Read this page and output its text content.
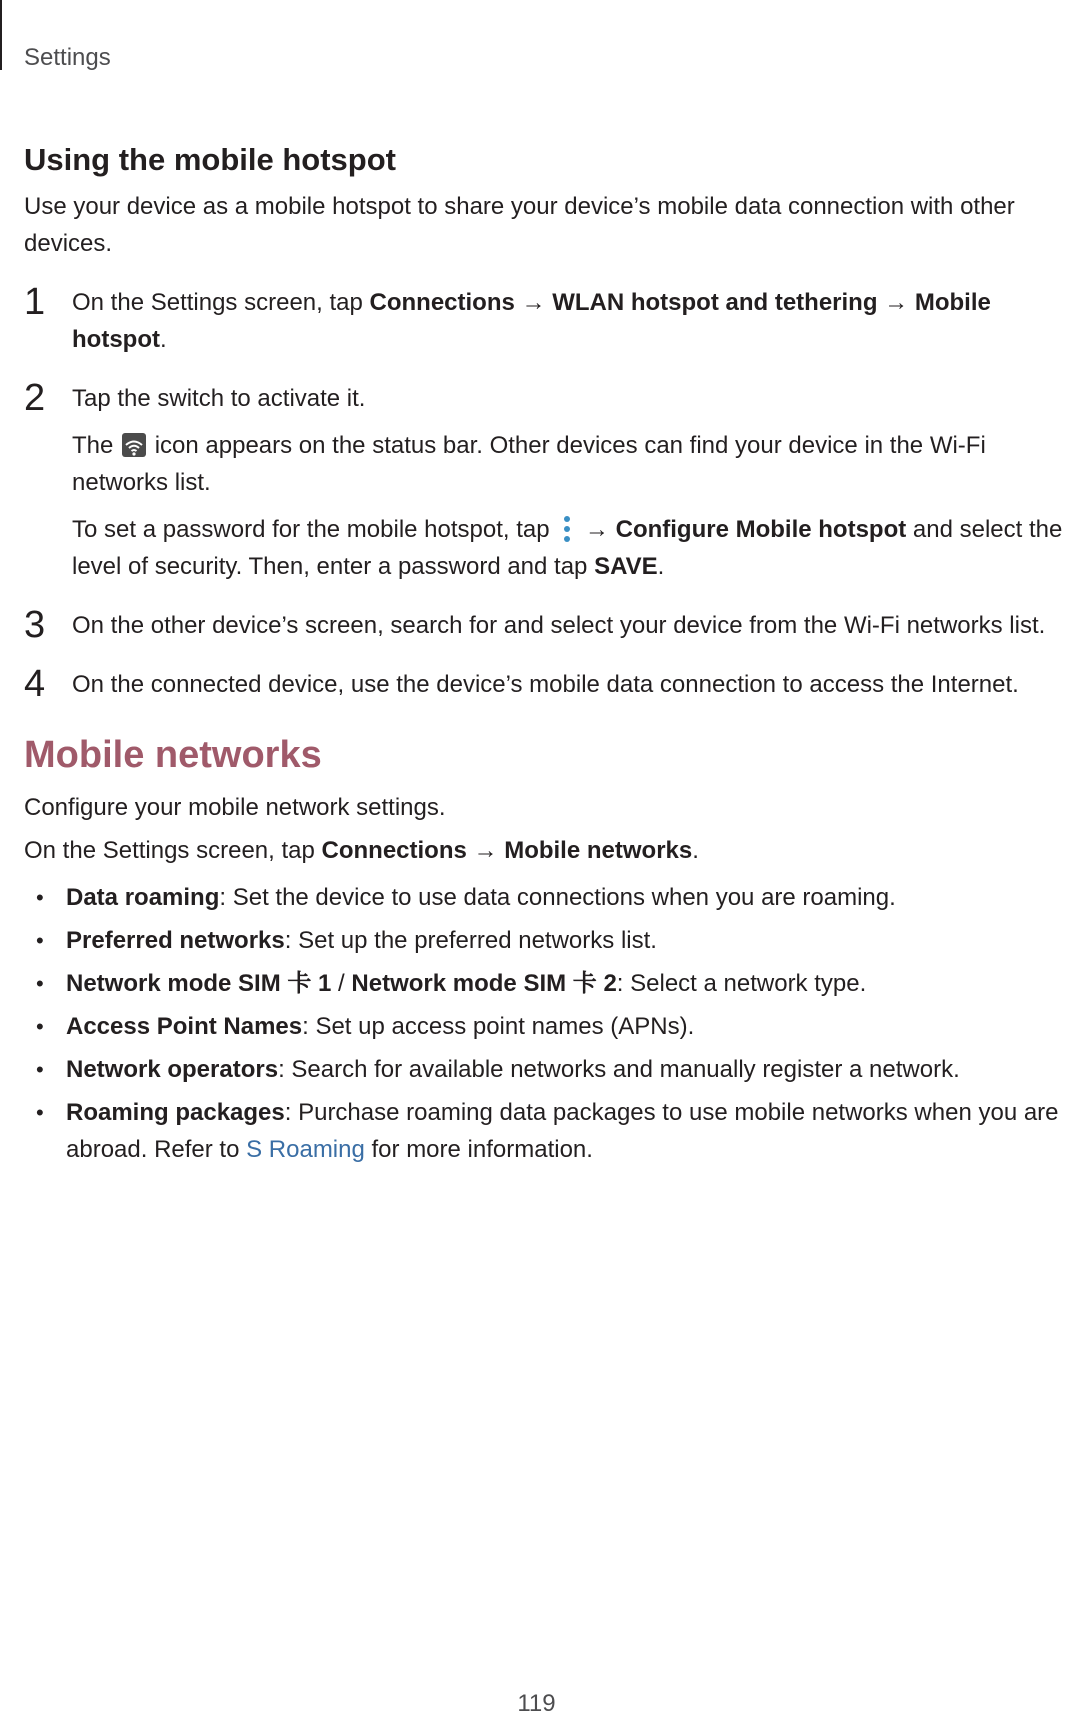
Settings
Using the mobile hotspot

Use your device as a mobile hotspot to share your device’s mobile data connection with other devices.

1 On the Settings screen, tap Connections → WLAN hotspot and tethering → Mobile hotspot.

2 Tap the switch to activate it.

The  icon appears on the status bar. Other devices can find your device in the Wi-Fi networks list.

To set a password for the mobile hotspot, tap  → Configure Mobile hotspot and select the level of security. Then, enter a password and tap SAVE.

3 On the other device’s screen, search for and select your device from the Wi-Fi networks list.

4 On the connected device, use the device’s mobile data connection to access the Internet.

Mobile networks

Configure your mobile network settings.

On the Settings screen, tap Connections → Mobile networks.

• Data roaming: Set the device to use data connections when you are roaming.
• Preferred networks: Set up the preferred networks list.
• Network mode SIM 卡 1 / Network mode SIM 卡 2: Select a network type.
• Access Point Names: Set up access point names (APNs).
• Network operators: Search for available networks and manually register a network.
• Roaming packages: Purchase roaming data packages to use mobile networks when you are abroad. Refer to S Roaming for more information.
119
